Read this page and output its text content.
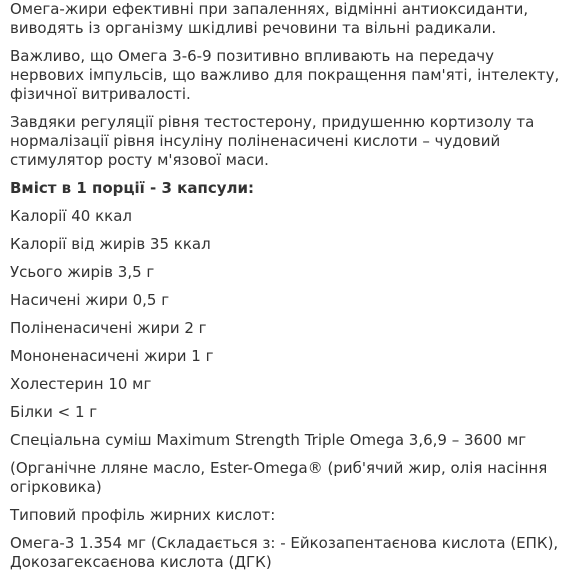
Омега-жири ефективні при запаленнях, відмінні антиоксиданти, виводять із організму шкідливі речовини та вільні радикали.

Важливо, що Омега 3-6-9 позитивно впливають на передачу нервових імпульсів, що важливо для покращення пам'яті, інтелекту, фізичної витривалості.

Завдяки регуляції рівня тестостерону, придушенню кортизолу та нормалізації рівня інсуліну поліненасичені кислоти – чудовий стимулятор росту м'язової маси.

Вміст в 1 порції - 3 капсули:

Калорії 40 ккал

Калорії від жирів 35 ккал

Усього жирів 3,5 г

Насичені жири 0,5 г

Поліненасичені жири 2 г

Мононенасичені жири 1 г

Холестерин 10 мг

Білки < 1 г

Спеціальна суміш Maximum Strength Triple Omega 3,6,9 – 3600 мг

(Органічне лляне масло, Ester-Omega® (риб'ячий жир, олія насіння огірковика)

Типовий профіль жирних кислот:

Омега-3 1.354 мг (Складається з: - Ейкозапентаєнова кислота (ЕПК), Докозагексаєнова кислота (ДГК)
